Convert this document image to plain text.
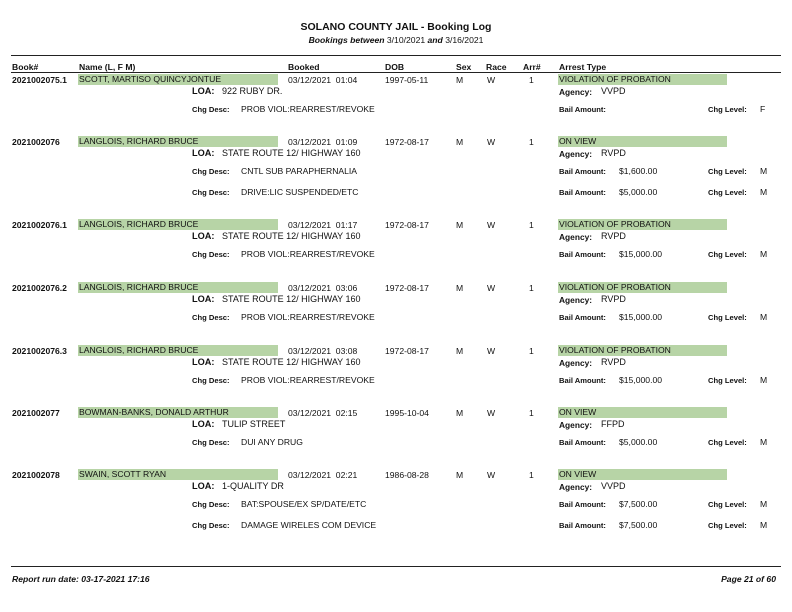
SOLANO COUNTY JAIL - Booking Log
Bookings between 3/10/2021 and 3/16/2021
Book#	Name (L, F M)	Booked	DOB	Sex Race Arr# Arrest Type
2021002075.1 SCOTT, MARTISO QUINCYJONTUE	03/12/2021  01:04	1997-05-11	M	W	1	VIOLATION OF PROBATION
LOA: 922 RUBY DR.	Agency: VVPD
Chg Desc: PROB VIOL:REARREST/REVOKE	Bail Amount:	Chg Level: F
2021002076 LANGLOIS, RICHARD BRUCE	03/12/2021  01:09	1972-08-17	M	W	1	ON VIEW
LOA: STATE ROUTE 12/ HIGHWAY 160	Agency: RVPD
Chg Desc: CNTL SUB PARAPHERNALIA	Bail Amount: $1,600.00	Chg Level: M
Chg Desc: DRIVE:LIC SUSPENDED/ETC	Bail Amount: $5,000.00	Chg Level: M
2021002076.1 LANGLOIS, RICHARD BRUCE	03/12/2021  01:17	1972-08-17	M	W	1	VIOLATION OF PROBATION
LOA: STATE ROUTE 12/ HIGHWAY 160	Agency: RVPD
Chg Desc: PROB VIOL:REARREST/REVOKE	Bail Amount: $15,000.00	Chg Level: M
2021002076.2 LANGLOIS, RICHARD BRUCE	03/12/2021  03:06	1972-08-17	M	W	1	VIOLATION OF PROBATION
LOA: STATE ROUTE 12/ HIGHWAY 160	Agency: RVPD
Chg Desc: PROB VIOL:REARREST/REVOKE	Bail Amount: $15,000.00	Chg Level: M
2021002076.3 LANGLOIS, RICHARD BRUCE	03/12/2021  03:08	1972-08-17	M	W	1	VIOLATION OF PROBATION
LOA: STATE ROUTE 12/ HIGHWAY 160	Agency: RVPD
Chg Desc: PROB VIOL:REARREST/REVOKE	Bail Amount: $15,000.00	Chg Level: M
2021002077 BOWMAN-BANKS, DONALD ARTHUR	03/12/2021  02:15	1995-10-04	M	W	1	ON VIEW
LOA: TULIP STREET	Agency: FFPD
Chg Desc: DUI ANY DRUG	Bail Amount: $5,000.00	Chg Level: M
2021002078 SWAIN, SCOTT RYAN	03/12/2021  02:21	1986-08-28	M	W	1	ON VIEW
LOA: 1-QUALITY DR	Agency: VVPD
Chg Desc: BAT:SPOUSE/EX SP/DATE/ETC	Bail Amount: $7,500.00	Chg Level: M
Chg Desc: DAMAGE WIRELES COM DEVICE	Bail Amount: $7,500.00	Chg Level: M
Report run date: 03-17-2021 17:16	Page 21 of 60
